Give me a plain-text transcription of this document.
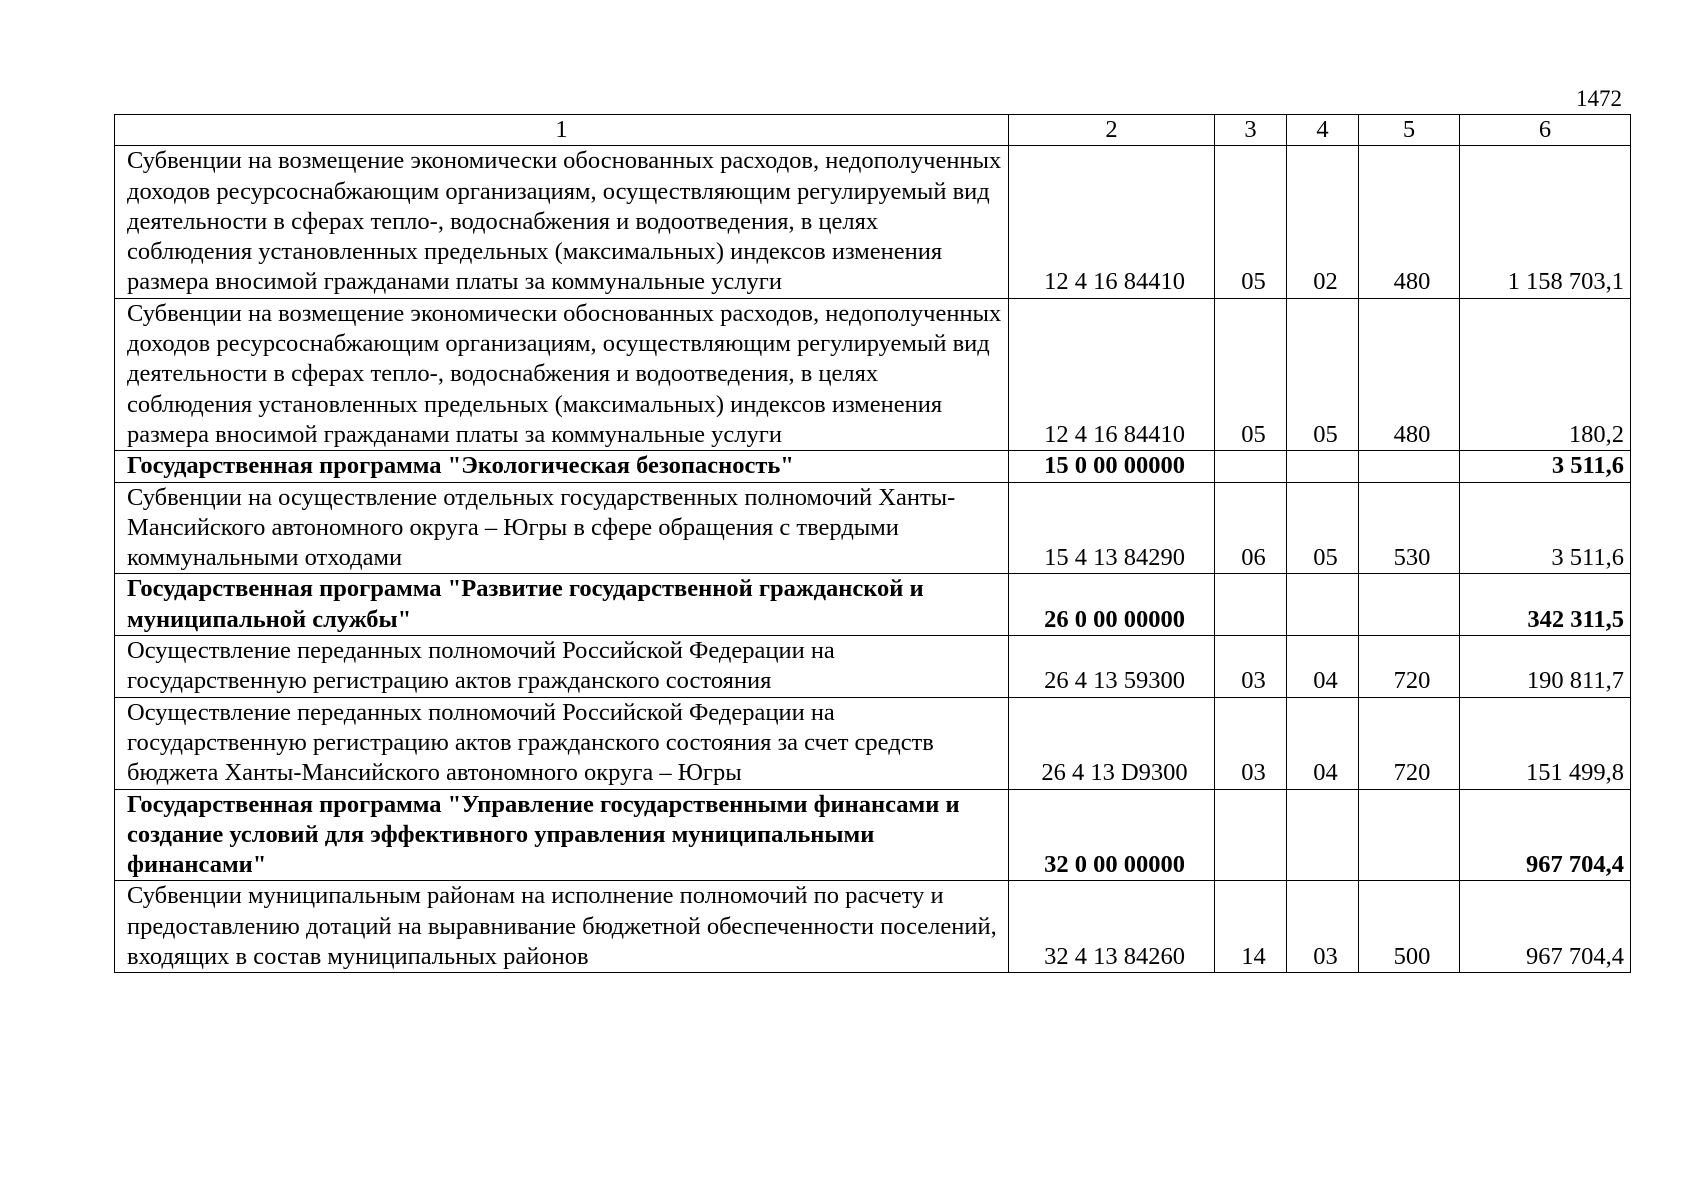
1472
1	2	3	4	5	6
Субвенции на возмещение экономически обоснованных расходов, недополученных доходов ресурсоснабжающим организациям, осуществляющим регулируемый вид деятельности в сферах тепло-, водоснабжения и водоотведения, в целях соблюдения установленных предельных (максимальных) индексов изменения размера вносимой гражданами платы за коммунальные услуги	12 4 16 84410	05	02	480	1 158 703,1
Субвенции на возмещение экономически обоснованных расходов, недополученных доходов ресурсоснабжающим организациям, осуществляющим регулируемый вид деятельности в сферах тепло-, водоснабжения и водоотведения, в целях соблюдения установленных предельных (максимальных) индексов изменения размера вносимой гражданами платы за коммунальные услуги	12 4 16 84410	05	05	480	180,2
Государственная программа "Экологическая безопасность"	15 0 00 00000				3 511,6
Субвенции на осуществление отдельных государственных полномочий Ханты-Мансийского автономного округа – Югры в сфере обращения с твердыми коммунальными отходами	15 4 13 84290	06	05	530	3 511,6
Государственная программа "Развитие государственной гражданской и муниципальной службы"	26 0 00 00000				342 311,5
Осуществление переданных полномочий Российской Федерации на государственную регистрацию актов гражданского состояния	26 4 13 59300	03	04	720	190 811,7
Осуществление переданных полномочий Российской Федерации на государственную регистрацию актов гражданского состояния за счет средств бюджета Ханты-Мансийского автономного округа – Югры	26 4 13 D9300	03	04	720	151 499,8
Государственная программа "Управление государственными финансами и создание условий для эффективного управления муниципальными финансами"	32 0 00 00000				967 704,4
Субвенции муниципальным районам на исполнение полномочий по расчету и предоставлению дотаций на выравнивание бюджетной обеспеченности поселений, входящих в состав муниципальных районов	32 4 13 84260	14	03	500	967 704,4
